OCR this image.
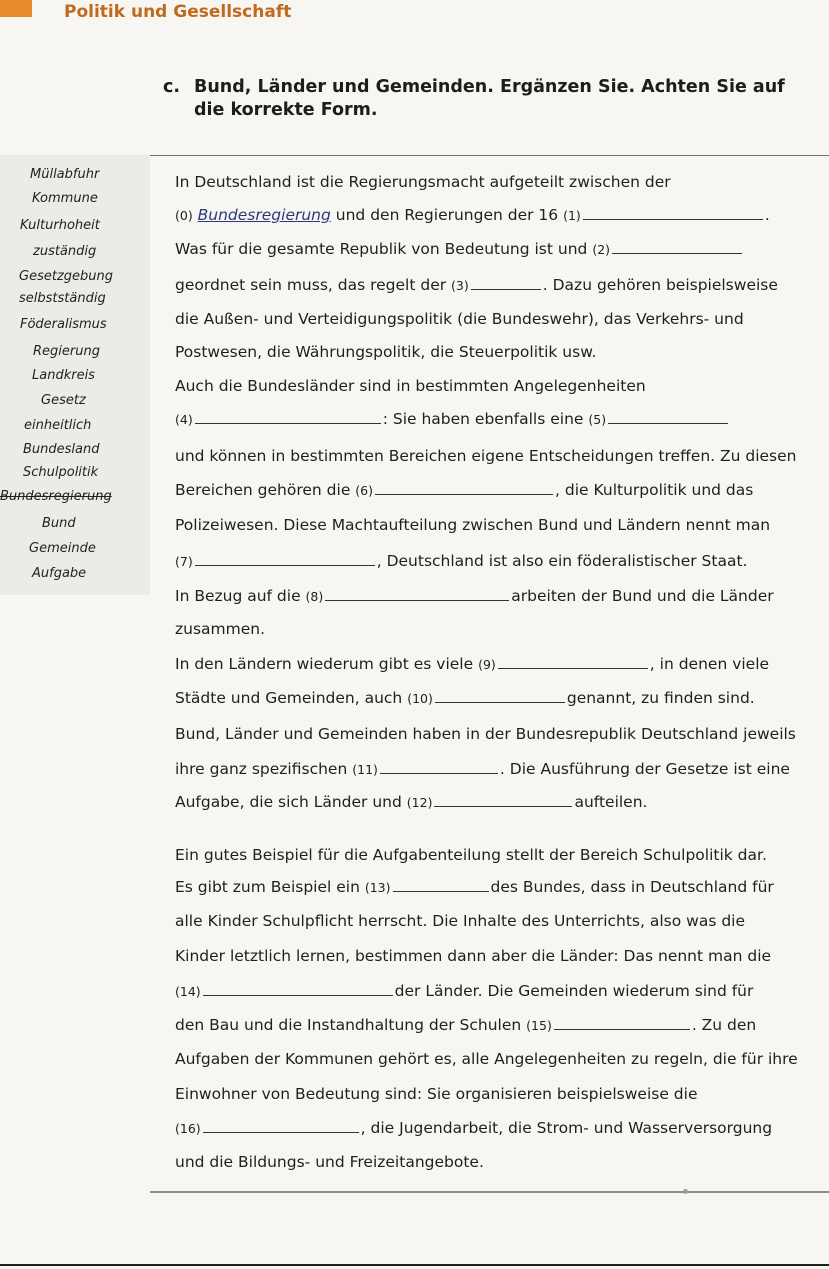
Politik und Gesellschaft
c. Bund, Länder und Gemeinden. Ergänzen Sie. Achten Sie auf die korrekte Form.
Müllabfuhr
Kommune
Kulturhoheit
zuständig
Gesetzgebung
selbstständig
Föderalismus
Regierung
Landkreis
Gesetz
einheitlich
Bundesland
Schulpolitik
Bundesregierung
Bund
Gemeinde
Aufgabe
In Deutschland ist die Regierungsmacht aufgeteilt zwischen der
(0) Bundesregierung und den Regierungen der 16 (1)	.
Was für die gesamte Republik von Bedeutung ist und (2)
geordnet sein muss, das regelt der (3)	. Dazu gehören beispielsweise
die Außen- und Verteidigungspolitik (die Bundeswehr), das Verkehrs- und
Postwesen, die Währungspolitik, die Steuerpolitik usw.
Auch die Bundesländer sind in bestimmten Angelegenheiten
(4)	: Sie haben ebenfalls eine (5)
und können in bestimmten Bereichen eigene Entscheidungen treffen. Zu diesen
Bereichen gehören die (6)	, die Kulturpolitik und das
Polizeiwesen. Diese Machtaufteilung zwischen Bund und Ländern nennt man
(7)	, Deutschland ist also ein föderalistischer Staat.
In Bezug auf die (8)	arbeiten der Bund und die Länder
zusammen.
In den Ländern wiederum gibt es viele (9)	, in denen viele
Städte und Gemeinden, auch (10)	genannt, zu finden sind.
Bund, Länder und Gemeinden haben in der Bundesrepublik Deutschland jeweils
ihre ganz spezifischen (11)	. Die Ausführung der Gesetze ist eine
Aufgabe, die sich Länder und (12)	aufteilen.
Ein gutes Beispiel für die Aufgabenteilung stellt der Bereich Schulpolitik dar.
Es gibt zum Beispiel ein (13)	des Bundes, dass in Deutschland für
alle Kinder Schulpflicht herrscht. Die Inhalte des Unterrichts, also was die
Kinder letztlich lernen, bestimmen dann aber die Länder: Das nennt man die
(14)	der Länder. Die Gemeinden wiederum sind für
den Bau und die Instandhaltung der Schulen (15)	. Zu den
Aufgaben der Kommunen gehört es, alle Angelegenheiten zu regeln, die für ihre
Einwohner von Bedeutung sind: Sie organisieren beispielsweise die
(16)	, die Jugendarbeit, die Strom- und Wasserversorgung
und die Bildungs- und Freizeitangebote.
